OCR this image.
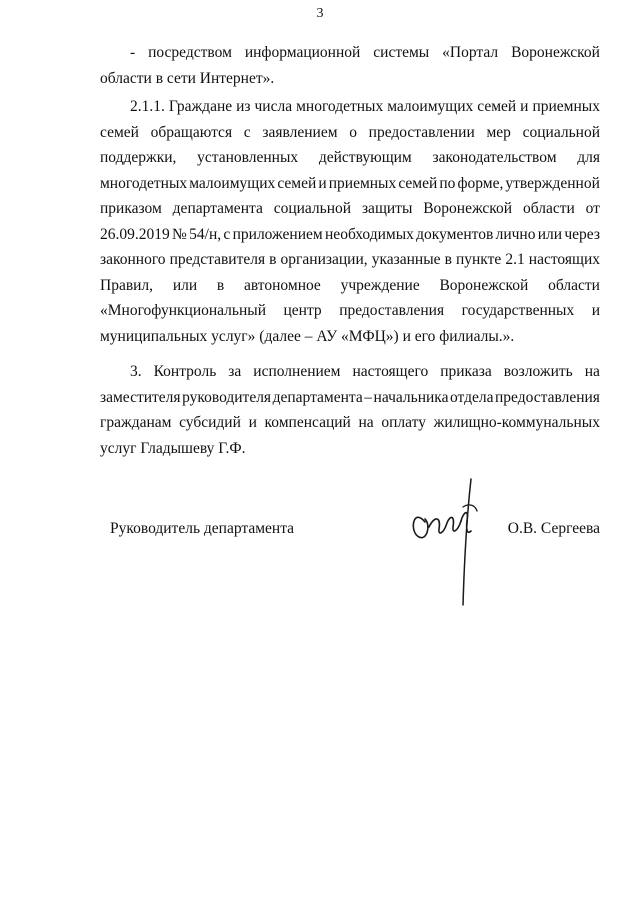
3
- посредством информационной системы «Портал Воронежской
области в сети Интернет».
2.1.1. Граждане из числа многодетных малоимущих семей и приемных
семей обращаются с заявлением о предоставлении мер социальной
поддержки, установленных действующим законодательством для
многодетных малоимущих семей и приемных семей по форме, утвержденной
приказом департамента социальной защиты Воронежской области от
26.09.2019 № 54/н, с приложением необходимых документов лично или через
законного представителя в организации, указанные в пункте 2.1 настоящих
Правил, или в автономное учреждение Воронежской области
«Многофункциональный центр предоставления государственных и
муниципальных услуг» (далее – АУ «МФЦ») и его филиалы.».
3. Контроль за исполнением настоящего приказа возложить на
заместителя руководителя департамента – начальника отдела предоставления
гражданам субсидий и компенсаций на оплату жилищно-коммунальных
услуг Гладышеву Г.Ф.
Руководитель департамента	О.В. Сергеева
